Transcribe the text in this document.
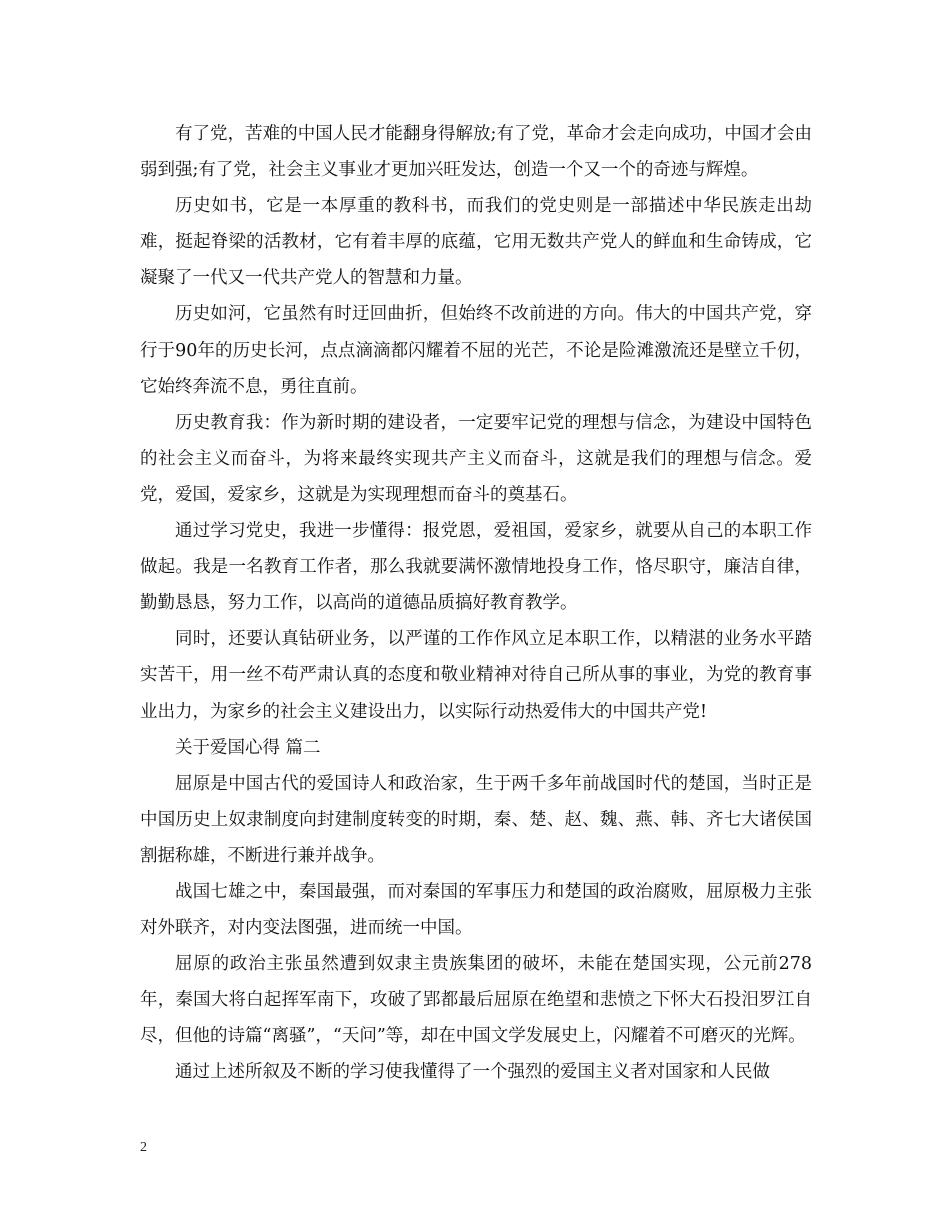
有了党，苦难的中国人民才能翻身得解放;有了党，革命才会走向成功，中国才会由弱到强;有了党，社会主义事业才更加兴旺发达，创造一个又一个的奇迹与辉煌。

历史如书，它是一本厚重的教科书，而我们的党史则是一部描述中华民族走出劫难，挺起脊梁的活教材，它有着丰厚的底蕴，它用无数共产党人的鲜血和生命铸成，它凝聚了一代又一代共产党人的智慧和力量。

历史如河，它虽然有时迂回曲折，但始终不改前进的方向。伟大的中国共产党，穿行于90年的历史长河，点点滴滴都闪耀着不屈的光芒，不论是险滩激流还是壁立千仞，它始终奔流不息，勇往直前。

历史教育我：作为新时期的建设者，一定要牢记党的理想与信念，为建设中国特色的社会主义而奋斗，为将来最终实现共产主义而奋斗，这就是我们的理想与信念。爱党，爱国，爱家乡，这就是为实现理想而奋斗的奠基石。

通过学习党史，我进一步懂得：报党恩，爱祖国，爱家乡，就要从自己的本职工作做起。我是一名教育工作者，那么我就要满怀激情地投身工作，恪尽职守，廉洁自律，勤勤恳恳，努力工作，以高尚的道德品质搞好教育教学。

同时，还要认真钻研业务，以严谨的工作作风立足本职工作，以精湛的业务水平踏实苦干，用一丝不苟严肃认真的态度和敬业精神对待自己所从事的事业，为党的教育事业出力，为家乡的社会主义建设出力，以实际行动热爱伟大的中国共产党!

关于爱国心得 篇二

屈原是中国古代的爱国诗人和政治家，生于两千多年前战国时代的楚国，当时正是中国历史上奴隶制度向封建制度转变的时期，秦、楚、赵、魏、燕、韩、齐七大诸侯国割据称雄，不断进行兼并战争。

战国七雄之中，秦国最强，而对秦国的军事压力和楚国的政治腐败，屈原极力主张对外联齐，对内变法图强，进而统一中国。

屈原的政治主张虽然遭到奴隶主贵族集团的破坏，未能在楚国实现，公元前278年，秦国大将白起挥军南下，攻破了郢都最后屈原在绝望和悲愤之下怀大石投汨罗江自尽，但他的诗篇“离骚”，“天问”等，却在中国文学发展史上，闪耀着不可磨灭的光辉。

通过上述所叙及不断的学习使我懂得了一个强烈的爱国主义者对国家和人民做

2
